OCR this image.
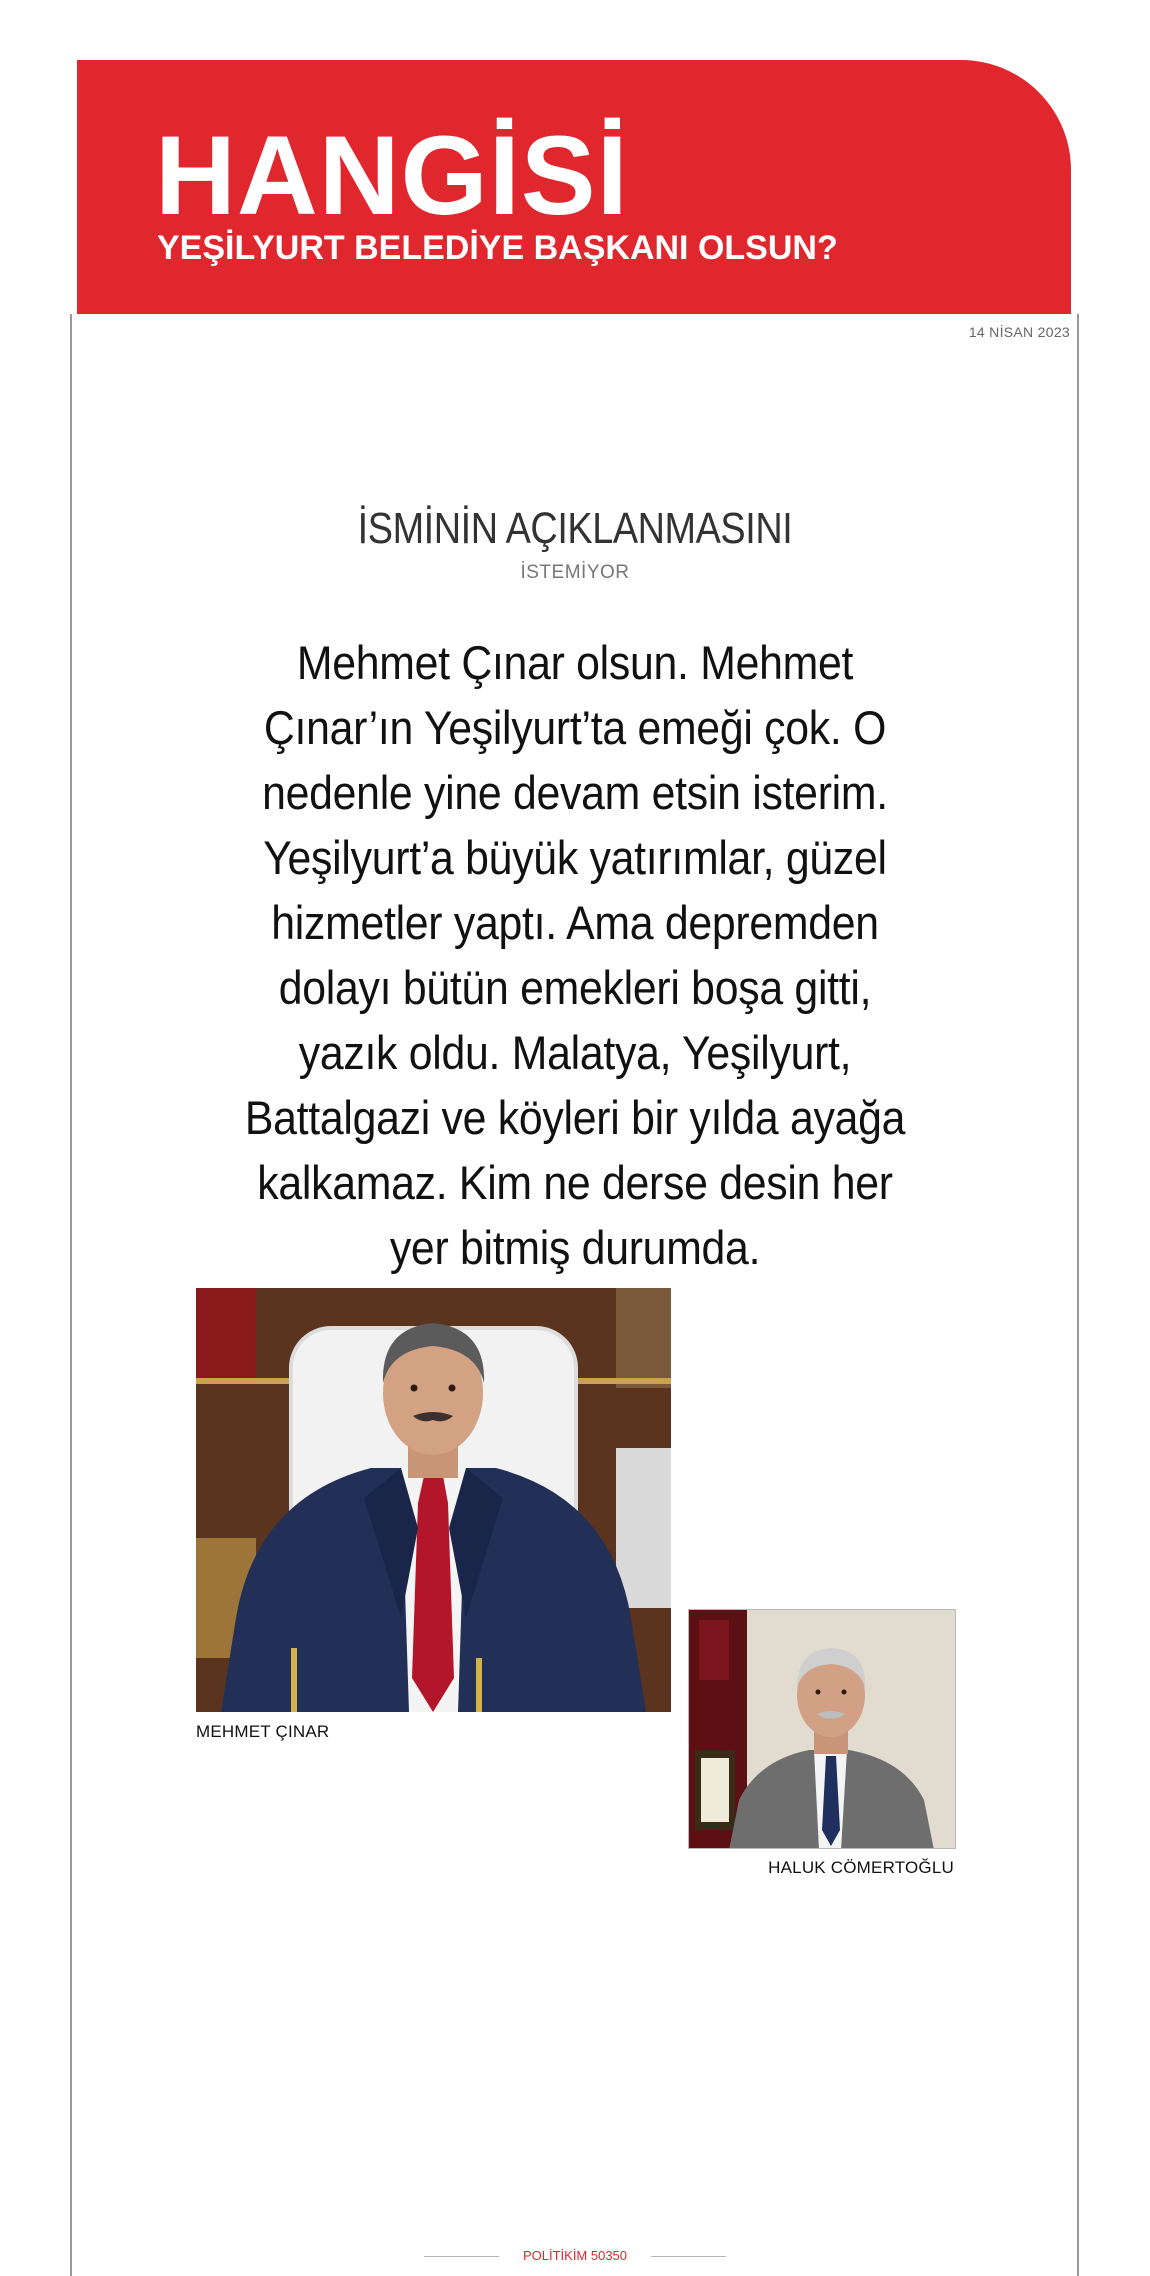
HANGİSİ

YEŞİLYURT BELEDİYE BAŞKANI OLSUN?

14 NİSAN 2023
İSMİNİN AÇIKLANMASINI
İSTEMİYOR

Mehmet Çınar olsun. Mehmet Çınar’ın Yeşilyurt’ta emeği çok. O nedenle yine devam etsin isterim. Yeşilyurt’a büyük yatırımlar, güzel hizmetler yaptı. Ama depremden dolayı bütün emekleri boşa gitti, yazık oldu. Malatya, Yeşilyurt, Battalgazi ve köyleri bir yılda ayağa kalkamaz. Kim ne derse desin her yer bitmiş durumda.

MEHMET ÇINAR
HALUK CÖMERTOĞLU
POLİTİKİM 50350
